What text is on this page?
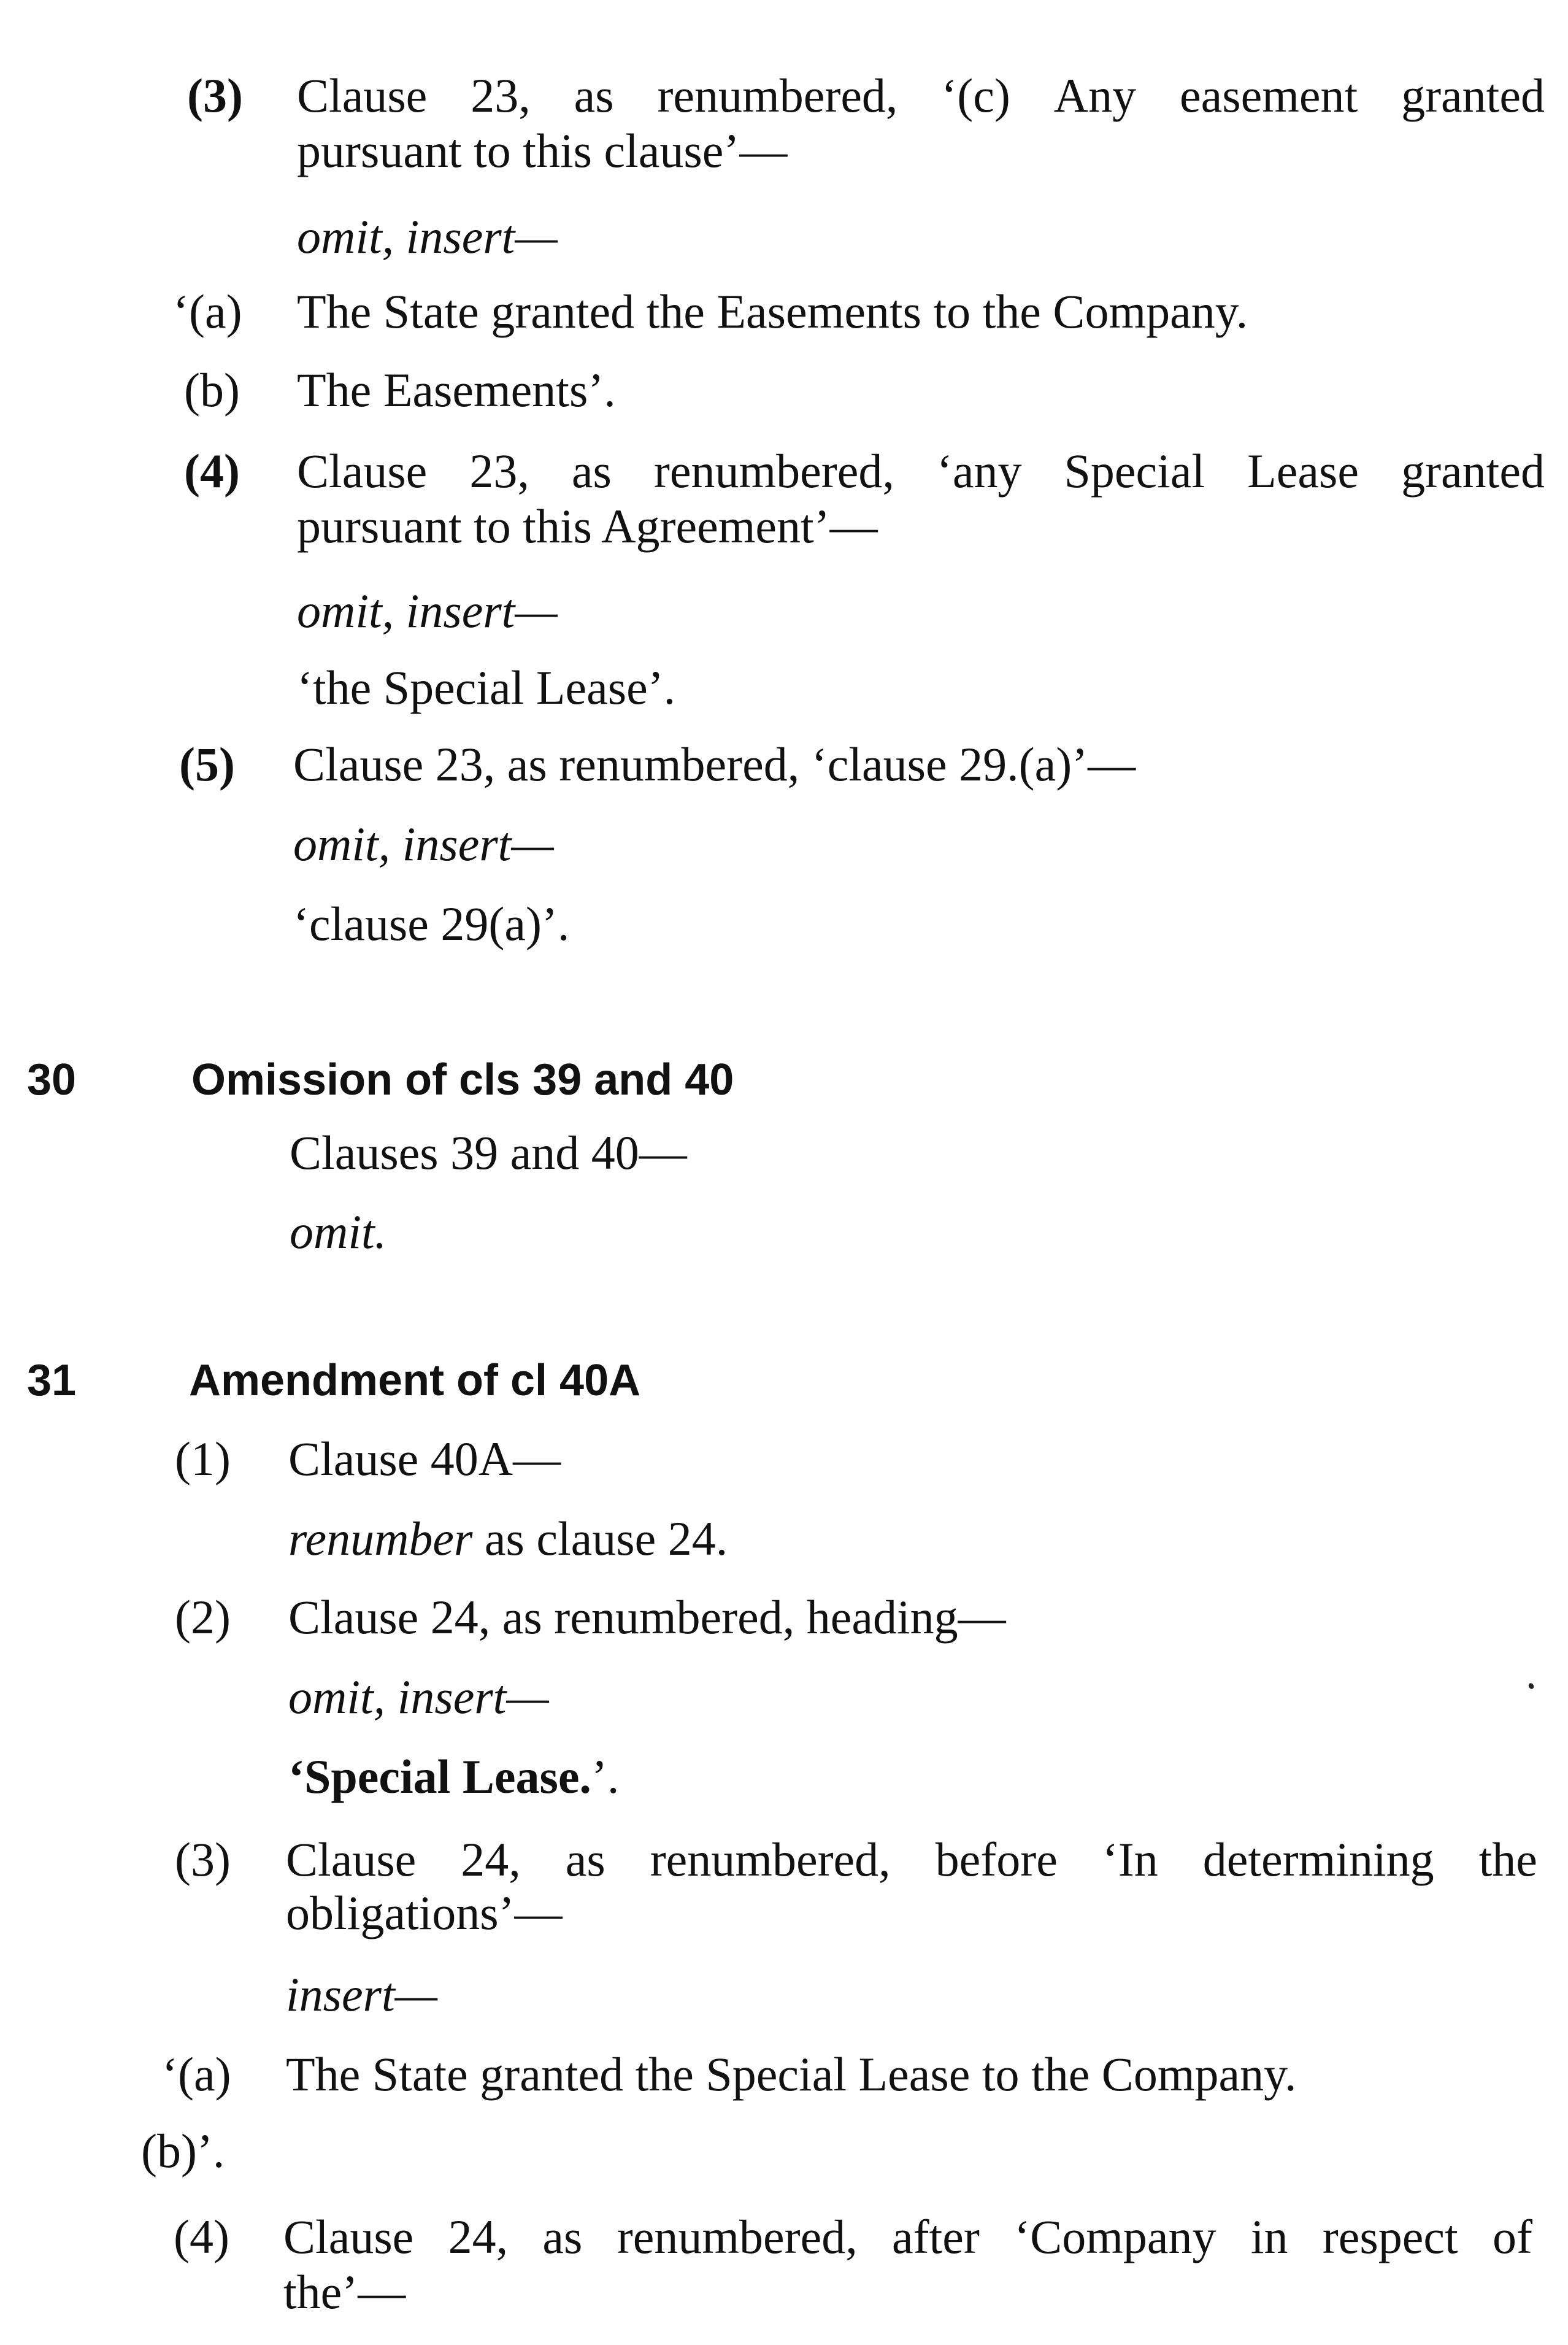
(3) Clause 23, as renumbered, ‘(c) Any easement granted
pursuant to this clause’—
omit, insert—
‘(a) The State granted the Easements to the Company.
(b) The Easements’.
(4) Clause 23, as renumbered, ‘any Special Lease granted
pursuant to this Agreement’—
omit, insert—
‘the Special Lease’.
(5) Clause 23, as renumbered, ‘clause 29.(a)’—
omit, insert—
‘clause 29(a)’.
30	Omission of cls 39 and 40
Clauses 39 and 40—
omit.
31	Amendment of cl 40A
(1) Clause 40A—
renumber as clause 24.
(2) Clause 24, as renumbered, heading—
omit, insert—
‘Special Lease.’.
(3) Clause 24, as renumbered, before ‘In determining the
obligations’—
insert—
‘(a) The State granted the Special Lease to the Company.
(b)’.
(4) Clause 24, as renumbered, after ‘Company in respect of
the’—
